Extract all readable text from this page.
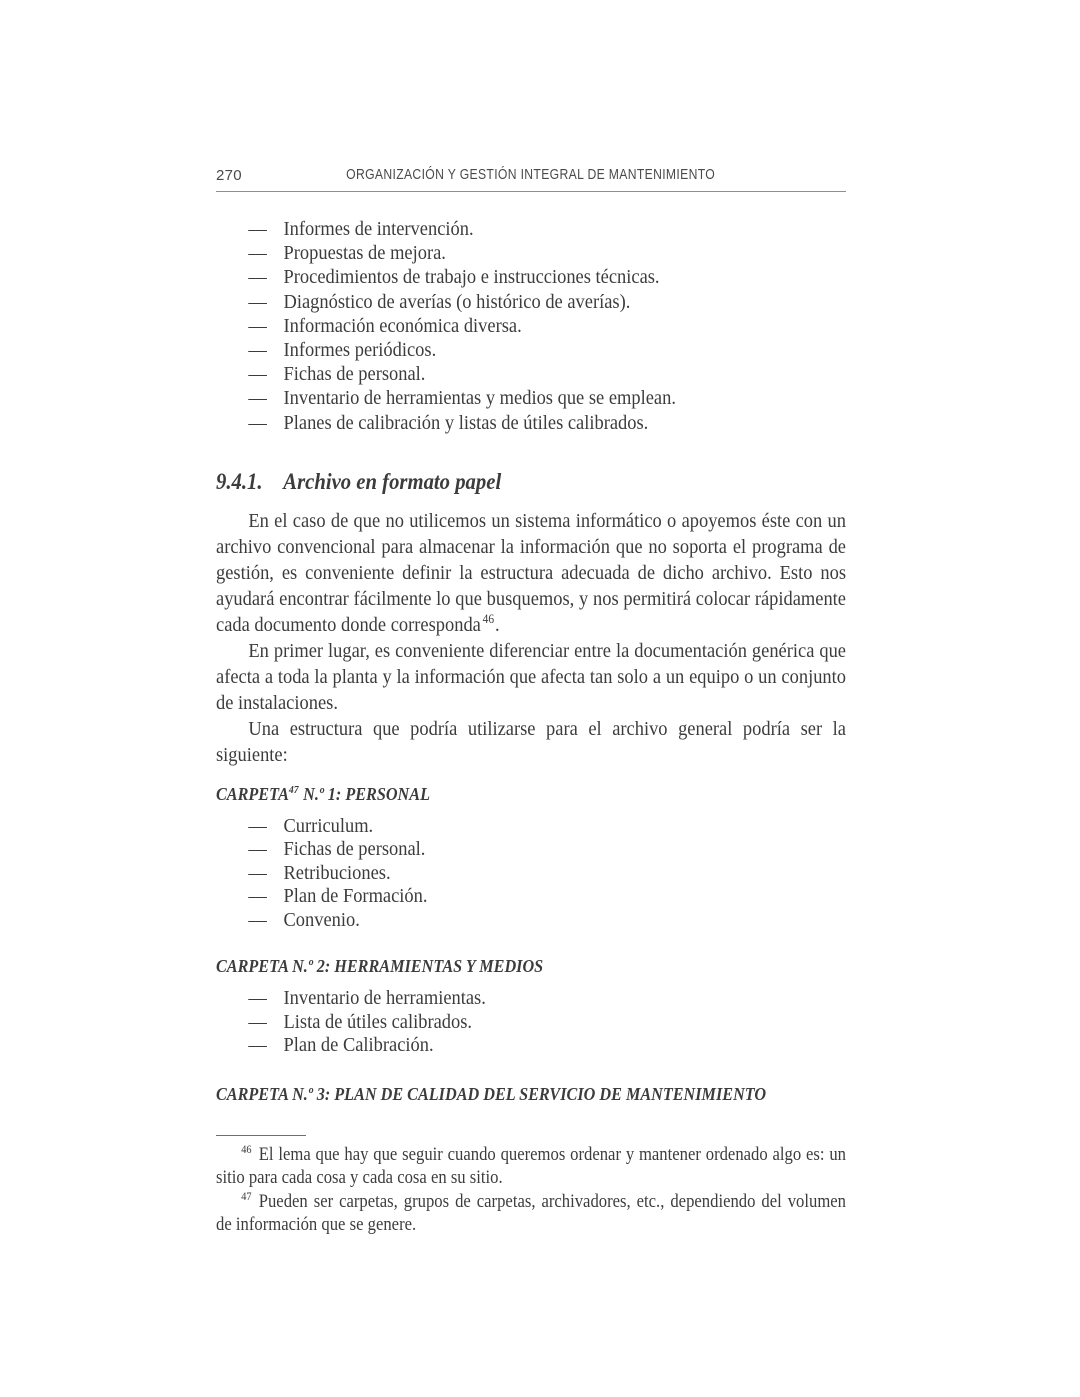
270	ORGANIZACIÓN Y GESTIÓN INTEGRAL DE MANTENIMIENTO
— Informes de intervención.
— Propuestas de mejora.
— Procedimientos de trabajo e instrucciones técnicas.
— Diagnóstico de averías (o histórico de averías).
— Información económica diversa.
— Informes periódicos.
— Fichas de personal.
— Inventario de herramientas y medios que se emplean.
— Planes de calibración y listas de útiles calibrados.
9.4.1. Archivo en formato papel

En el caso de que no utilicemos un sistema informático o apoyemos éste con un archivo convencional para almacenar la información que no soporta el programa de gestión, es conveniente definir la estructura adecuada de dicho archivo. Esto nos ayudará encontrar fácilmente lo que busquemos, y nos permitirá colocar rápidamente cada documento donde corresponda $^{46}$.

En primer lugar, es conveniente diferenciar entre la documentación genérica que afecta a toda la planta y la información que afecta tan solo a un equipo o un conjunto de instalaciones.

Una estructura que podría utilizarse para el archivo general podría ser la siguiente:

CARPETA$^{47}$ N.º 1: PERSONAL
— Curriculum.
— Fichas de personal.
— Retribuciones.
— Plan de Formación.
— Convenio.
CARPETA N.º 2: HERRAMIENTAS Y MEDIOS
— Inventario de herramientas.
— Lista de útiles calibrados.
— Plan de Calibración.
CARPETA N.º 3: PLAN DE CALIDAD DEL SERVICIO DE MANTENIMIENTO

$^{46}$ El lema que hay que seguir cuando queremos ordenar y mantener ordenado algo es: un sitio para cada cosa y cada cosa en su sitio.

$^{47}$ Pueden ser carpetas, grupos de carpetas, archivadores, etc., dependiendo del volumen de información que se genere.
